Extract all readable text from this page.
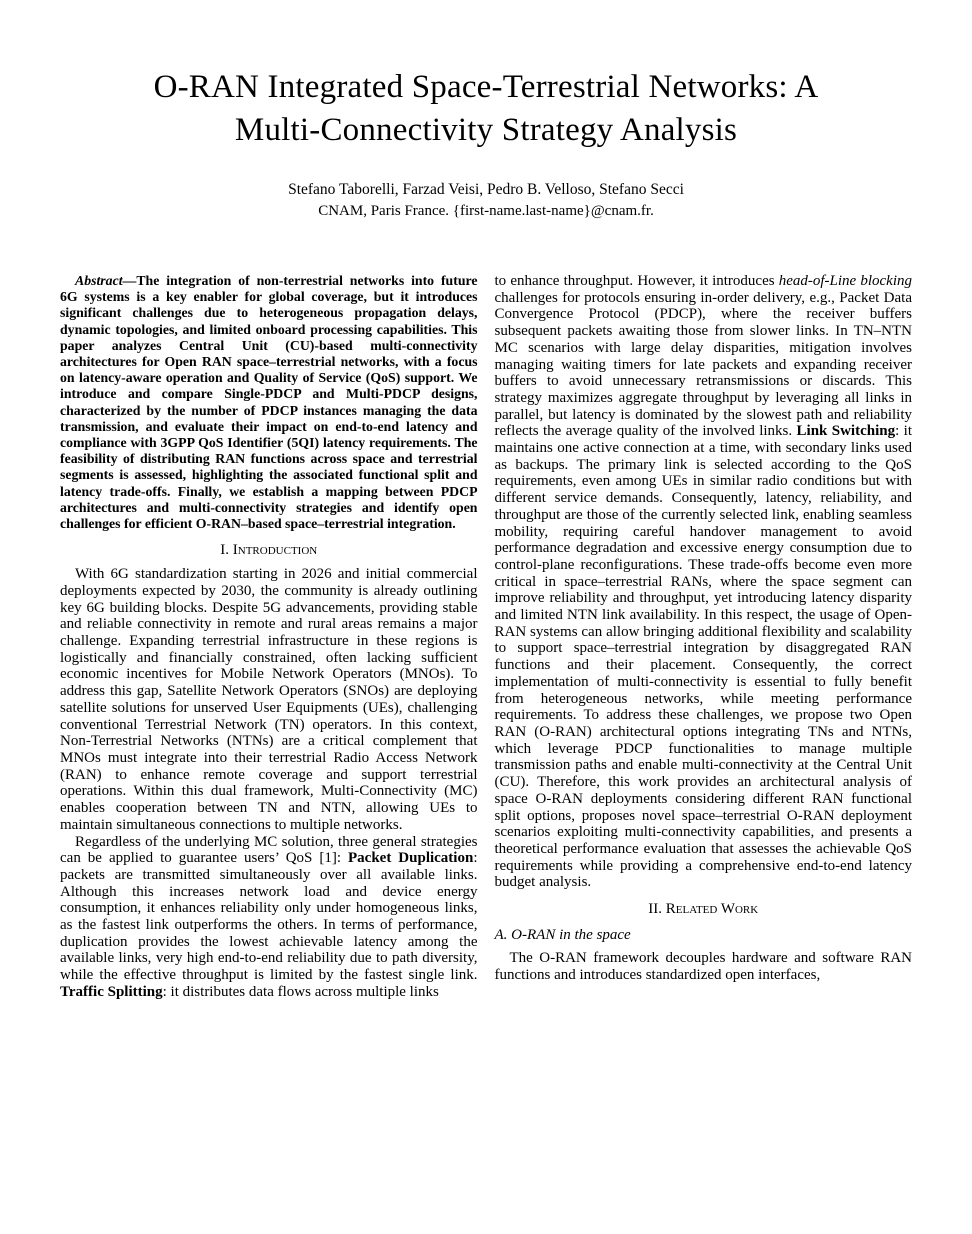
O-RAN Integrated Space-Terrestrial Networks: A
Multi-Connectivity Strategy Analysis
Stefano Taborelli, Farzad Veisi, Pedro B. Velloso, Stefano Secci
CNAM, Paris France. {first-name.last-name}@cnam.fr.

Abstract—The integration of non-terrestrial networks into future 6G systems is a key enabler for global coverage, but it introduces significant challenges due to heterogeneous propagation delays, dynamic topologies, and limited onboard processing capabilities. This paper analyzes Central Unit (CU)-based multi-connectivity architectures for Open RAN space–terrestrial networks, with a focus on latency-aware operation and Quality of Service (QoS) support. We introduce and compare Single-PDCP and Multi-PDCP designs, characterized by the number of PDCP instances managing the data transmission, and evaluate their impact on end-to-end latency and compliance with 3GPP QoS Identifier (5QI) latency requirements. The feasibility of distributing RAN functions across space and terrestrial segments is assessed, highlighting the associated functional split and latency trade-offs. Finally, we establish a mapping between PDCP architectures and multi-connectivity strategies and identify open challenges for efficient O-RAN–based space–terrestrial integration.

I. Introduction

With 6G standardization starting in 2026 and initial commercial deployments expected by 2030, the community is already outlining key 6G building blocks. Despite 5G advancements, providing stable and reliable connectivity in remote and rural areas remains a major challenge. Expanding terrestrial infrastructure in these regions is logistically and financially constrained, often lacking sufficient economic incentives for Mobile Network Operators (MNOs). To address this gap, Satellite Network Operators (SNOs) are deploying satellite solutions for unserved User Equipments (UEs), challenging conventional Terrestrial Network (TN) operators. In this context, Non-Terrestrial Networks (NTNs) are a critical complement that MNOs must integrate into their terrestrial Radio Access Network (RAN) to enhance remote coverage and support terrestrial operations. Within this dual framework, Multi-Connectivity (MC) enables cooperation between TN and NTN, allowing UEs to maintain simultaneous connections to multiple networks.

Regardless of the underlying MC solution, three general strategies can be applied to guarantee users’ QoS [1]: Packet Duplication: packets are transmitted simultaneously over all available links. Although this increases network load and device energy consumption, it enhances reliability only under homogeneous links, as the fastest link outperforms the others. In terms of performance, duplication provides the lowest achievable latency among the available links, very high end-to-end reliability due to path diversity, while the effective throughput is limited by the fastest single link. Traffic Splitting: it distributes data flows across multiple links

to enhance throughput. However, it introduces head-of-Line blocking challenges for protocols ensuring in-order delivery, e.g., Packet Data Convergence Protocol (PDCP), where the receiver buffers subsequent packets awaiting those from slower links. In TN–NTN MC scenarios with large delay disparities, mitigation involves managing waiting timers for late packets and expanding receiver buffers to avoid unnecessary retransmissions or discards. This strategy maximizes aggregate throughput by leveraging all links in parallel, but latency is dominated by the slowest path and reliability reflects the average quality of the involved links. Link Switching: it maintains one active connection at a time, with secondary links used as backups. The primary link is selected according to the QoS requirements, even among UEs in similar radio conditions but with different service demands. Consequently, latency, reliability, and throughput are those of the currently selected link, enabling seamless mobility, requiring careful handover management to avoid performance degradation and excessive energy consumption due to control-plane reconfigurations. These trade-offs become even more critical in space–terrestrial RANs, where the space segment can improve reliability and throughput, yet introducing latency disparity and limited NTN link availability. In this respect, the usage of Open-RAN systems can allow bringing additional flexibility and scalability to support space–terrestrial integration by disaggregated RAN functions and their placement. Consequently, the correct implementation of multi-connectivity is essential to fully benefit from heterogeneous networks, while meeting performance requirements. To address these challenges, we propose two Open RAN (O-RAN) architectural options integrating TNs and NTNs, which leverage PDCP functionalities to manage multiple transmission paths and enable multi-connectivity at the Central Unit (CU). Therefore, this work provides an architectural analysis of space O-RAN deployments considering different RAN functional split options, proposes novel space–terrestrial O-RAN deployment scenarios exploiting multi-connectivity capabilities, and presents a theoretical performance evaluation that assesses the achievable QoS requirements while providing a comprehensive end-to-end latency budget analysis.

II. Related Work
A. O-RAN in the space

The O-RAN framework decouples hardware and software RAN functions and introduces standardized open interfaces,
